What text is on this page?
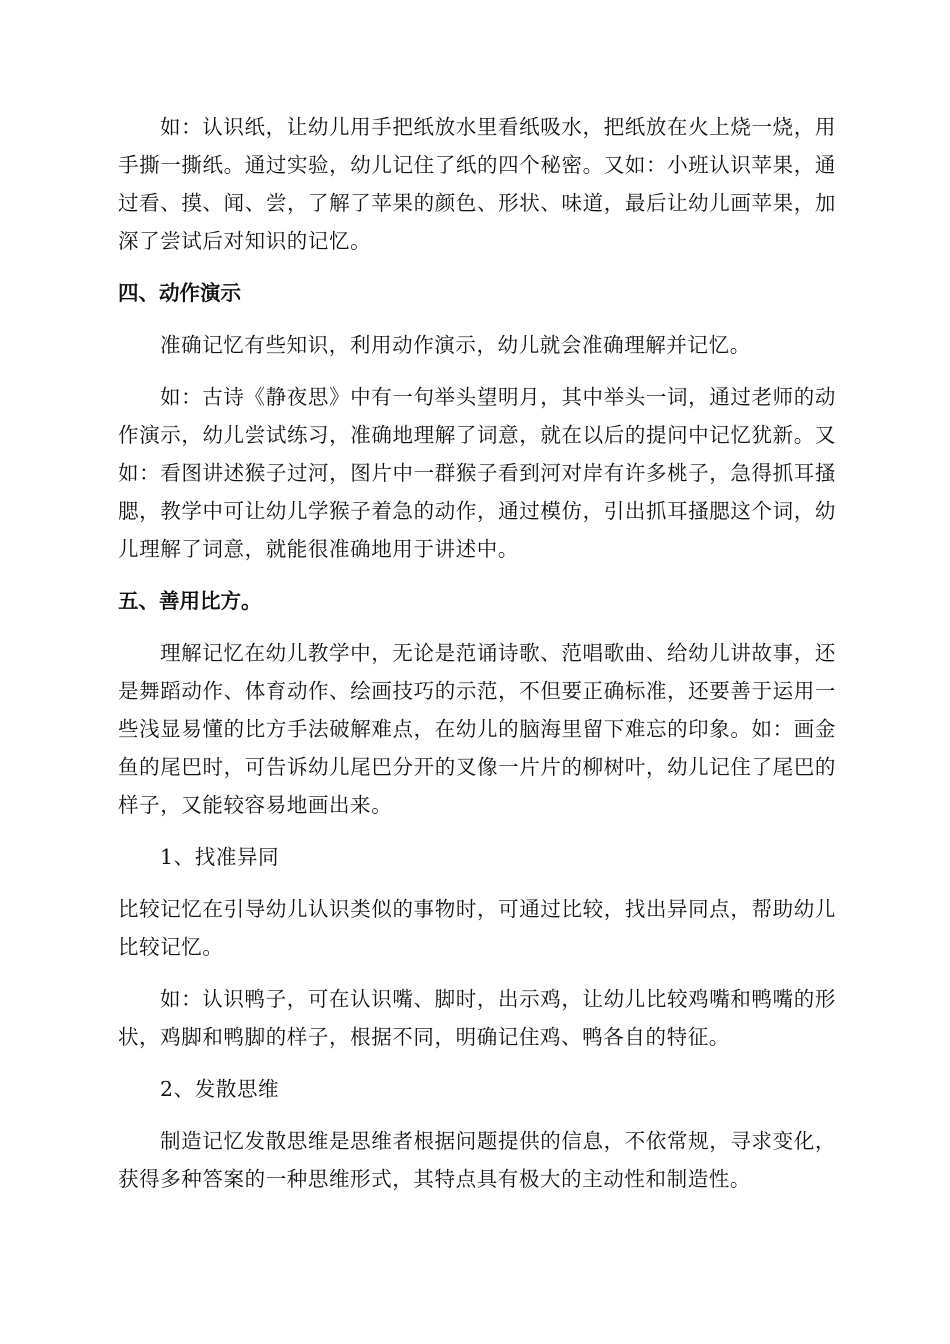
如：认识纸，让幼儿用手把纸放水里看纸吸水，把纸放在火上烧一烧，用手撕一撕纸。通过实验，幼儿记住了纸的四个秘密。又如：小班认识苹果，通过看、摸、闻、尝，了解了苹果的颜色、形状、味道，最后让幼儿画苹果，加深了尝试后对知识的记忆。

四、动作演示

准确记忆有些知识，利用动作演示，幼儿就会准确理解并记忆。

如：古诗《静夜思》中有一句举头望明月，其中举头一词，通过老师的动作演示，幼儿尝试练习，准确地理解了词意，就在以后的提问中记忆犹新。又如：看图讲述猴子过河，图片中一群猴子看到河对岸有许多桃子，急得抓耳搔腮，教学中可让幼儿学猴子着急的动作，通过模仿，引出抓耳搔腮这个词，幼儿理解了词意，就能很准确地用于讲述中。

五、善用比方。

理解记忆在幼儿教学中，无论是范诵诗歌、范唱歌曲、给幼儿讲故事，还是舞蹈动作、体育动作、绘画技巧的示范，不但要正确标准，还要善于运用一些浅显易懂的比方手法破解难点，在幼儿的脑海里留下难忘的印象。如：画金鱼的尾巴时，可告诉幼儿尾巴分开的叉像一片片的柳树叶，幼儿记住了尾巴的样子，又能较容易地画出来。

1、找准异同

比较记忆在引导幼儿认识类似的事物时，可通过比较，找出异同点，帮助幼儿比较记忆。

如：认识鸭子，可在认识嘴、脚时，出示鸡，让幼儿比较鸡嘴和鸭嘴的形状，鸡脚和鸭脚的样子，根据不同，明确记住鸡、鸭各自的特征。

2、发散思维

制造记忆发散思维是思维者根据问题提供的信息，不依常规，寻求变化，获得多种答案的一种思维形式，其特点具有极大的主动性和制造性。
